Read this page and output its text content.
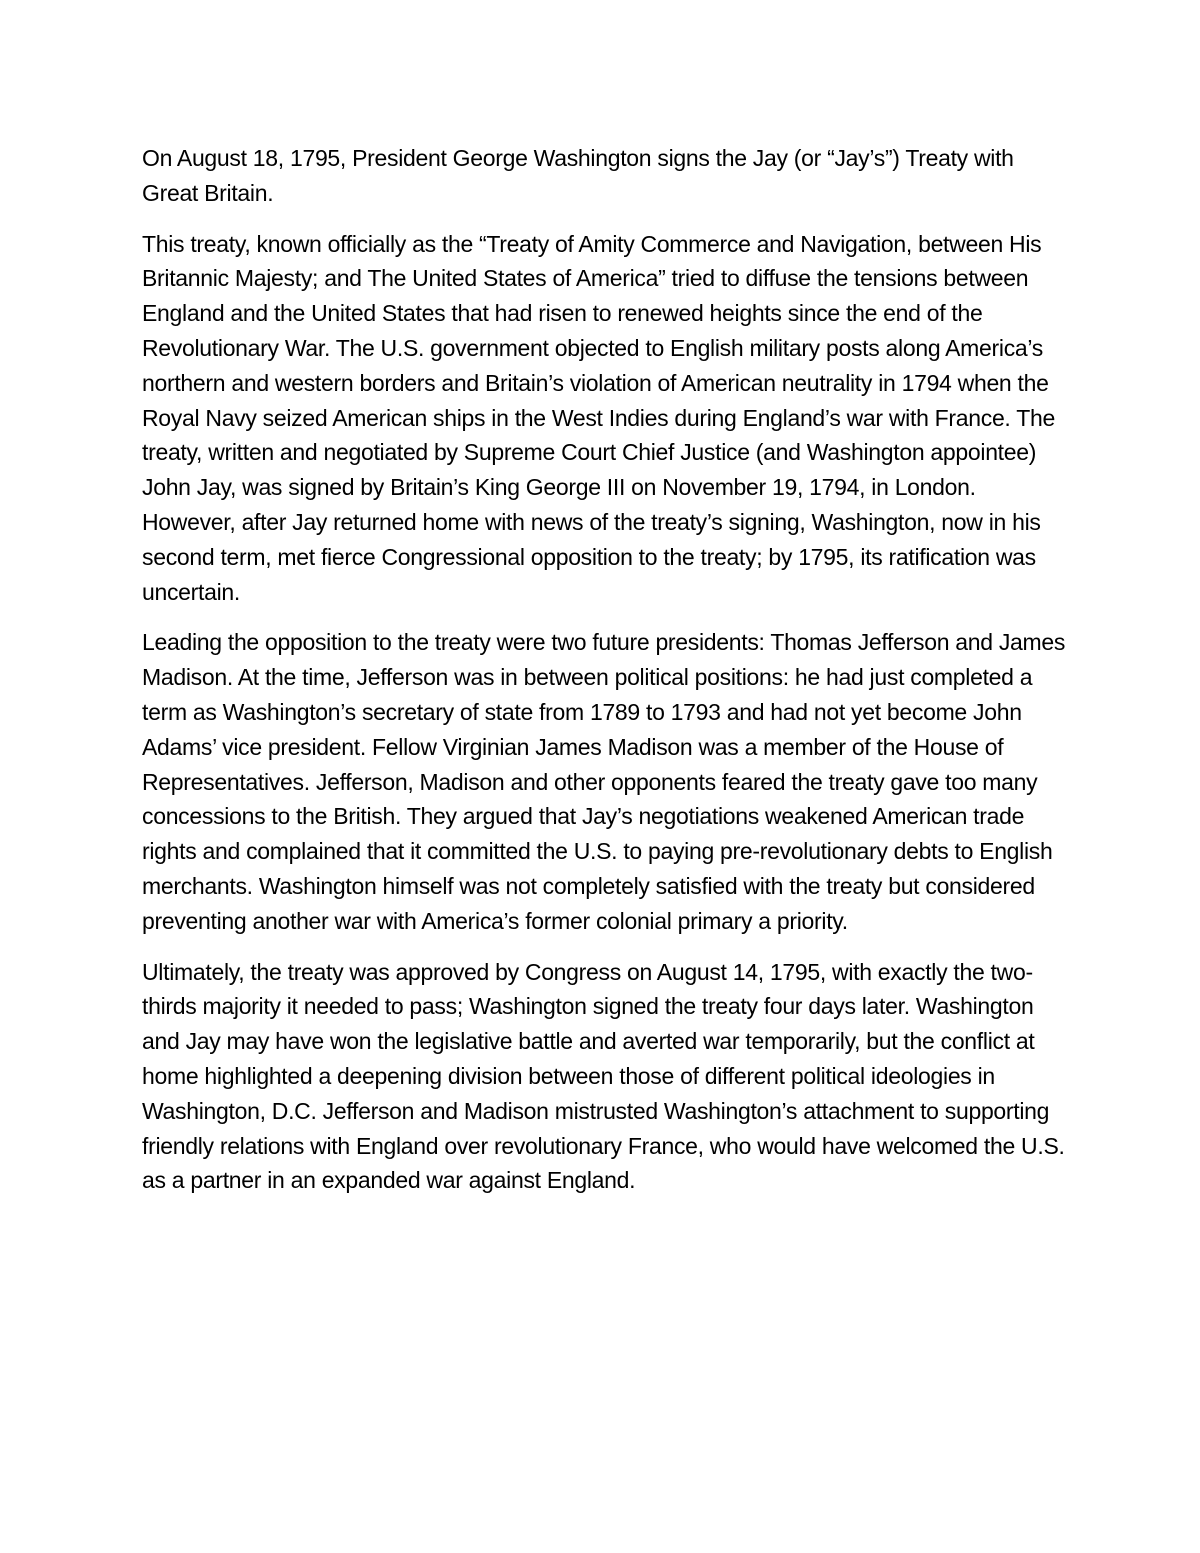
On August 18, 1795, President George Washington signs the Jay (or “Jay’s”) Treaty with Great Britain.

This treaty, known officially as the “Treaty of Amity Commerce and Navigation, between His Britannic Majesty; and The United States of America” tried to diffuse the tensions between England and the United States that had risen to renewed heights since the end of the Revolutionary War. The U.S. government objected to English military posts along America’s northern and western borders and Britain’s violation of American neutrality in 1794 when the Royal Navy seized American ships in the West Indies during England’s war with France. The treaty, written and negotiated by Supreme Court Chief Justice (and Washington appointee) John Jay, was signed by Britain’s King George III on November 19, 1794, in London. However, after Jay returned home with news of the treaty’s signing, Washington, now in his second term, met fierce Congressional opposition to the treaty; by 1795, its ratification was uncertain.

Leading the opposition to the treaty were two future presidents: Thomas Jefferson and James Madison. At the time, Jefferson was in between political positions: he had just completed a term as Washington’s secretary of state from 1789 to 1793 and had not yet become John Adams’ vice president. Fellow Virginian James Madison was a member of the House of Representatives. Jefferson, Madison and other opponents feared the treaty gave too many concessions to the British. They argued that Jay’s negotiations weakened American trade rights and complained that it committed the U.S. to paying pre-revolutionary debts to English merchants. Washington himself was not completely satisfied with the treaty but considered preventing another war with America’s former colonial primary a priority.

Ultimately, the treaty was approved by Congress on August 14, 1795, with exactly the two-thirds majority it needed to pass; Washington signed the treaty four days later. Washington and Jay may have won the legislative battle and averted war temporarily, but the conflict at home highlighted a deepening division between those of different political ideologies in Washington, D.C. Jefferson and Madison mistrusted Washington’s attachment to supporting friendly relations with England over revolutionary France, who would have welcomed the U.S. as a partner in an expanded war against England.
